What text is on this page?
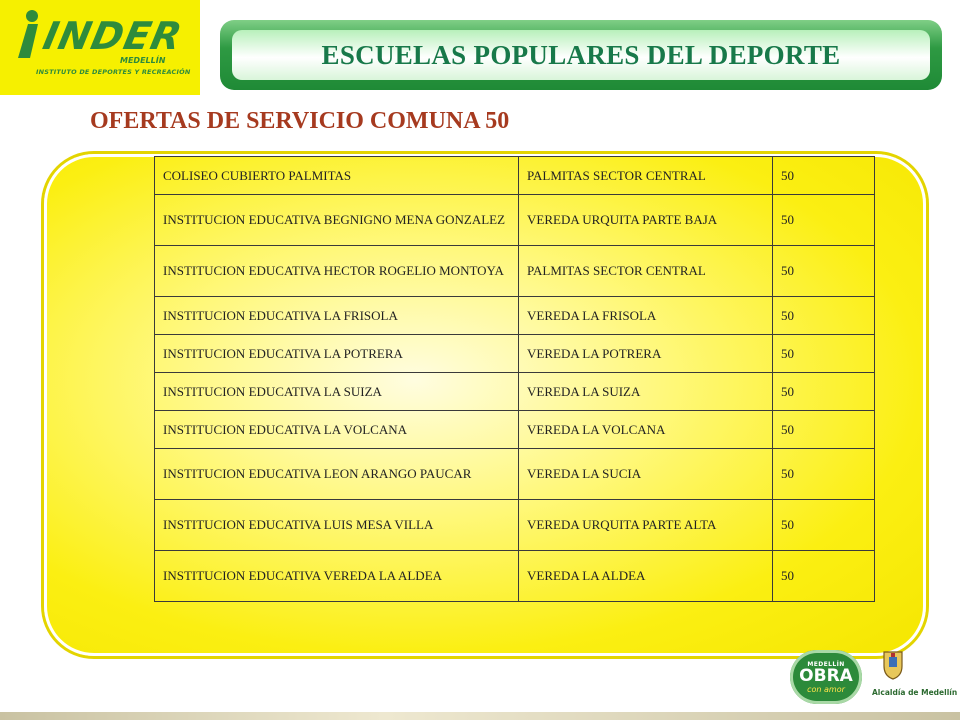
INDER
MEDELLÍN
INSTITUTO DE DEPORTES Y RECREACIÓN
ESCUELAS POPULARES DEL DEPORTE
OFERTAS DE SERVICIO COMUNA 50
COLISEO CUBIERTO PALMITAS	PALMITAS SECTOR CENTRAL	50
INSTITUCION EDUCATIVA BEGNIGNO MENA GONZALEZ	VEREDA URQUITA PARTE BAJA	50
INSTITUCION EDUCATIVA HECTOR ROGELIO MONTOYA	PALMITAS SECTOR CENTRAL	50
INSTITUCION EDUCATIVA LA FRISOLA	VEREDA LA FRISOLA	50
INSTITUCION EDUCATIVA LA POTRERA	VEREDA LA POTRERA	50
INSTITUCION EDUCATIVA LA SUIZA	VEREDA LA SUIZA	50
INSTITUCION EDUCATIVA LA VOLCANA	VEREDA LA VOLCANA	50
INSTITUCION EDUCATIVA LEON ARANGO PAUCAR	VEREDA LA SUCIA	50
INSTITUCION EDUCATIVA LUIS MESA VILLA	VEREDA URQUITA PARTE ALTA	50
INSTITUCION EDUCATIVA VEREDA LA ALDEA	VEREDA LA ALDEA	50
MEDELLÍN
OBRA
con amor	Alcaldía de Medellín
